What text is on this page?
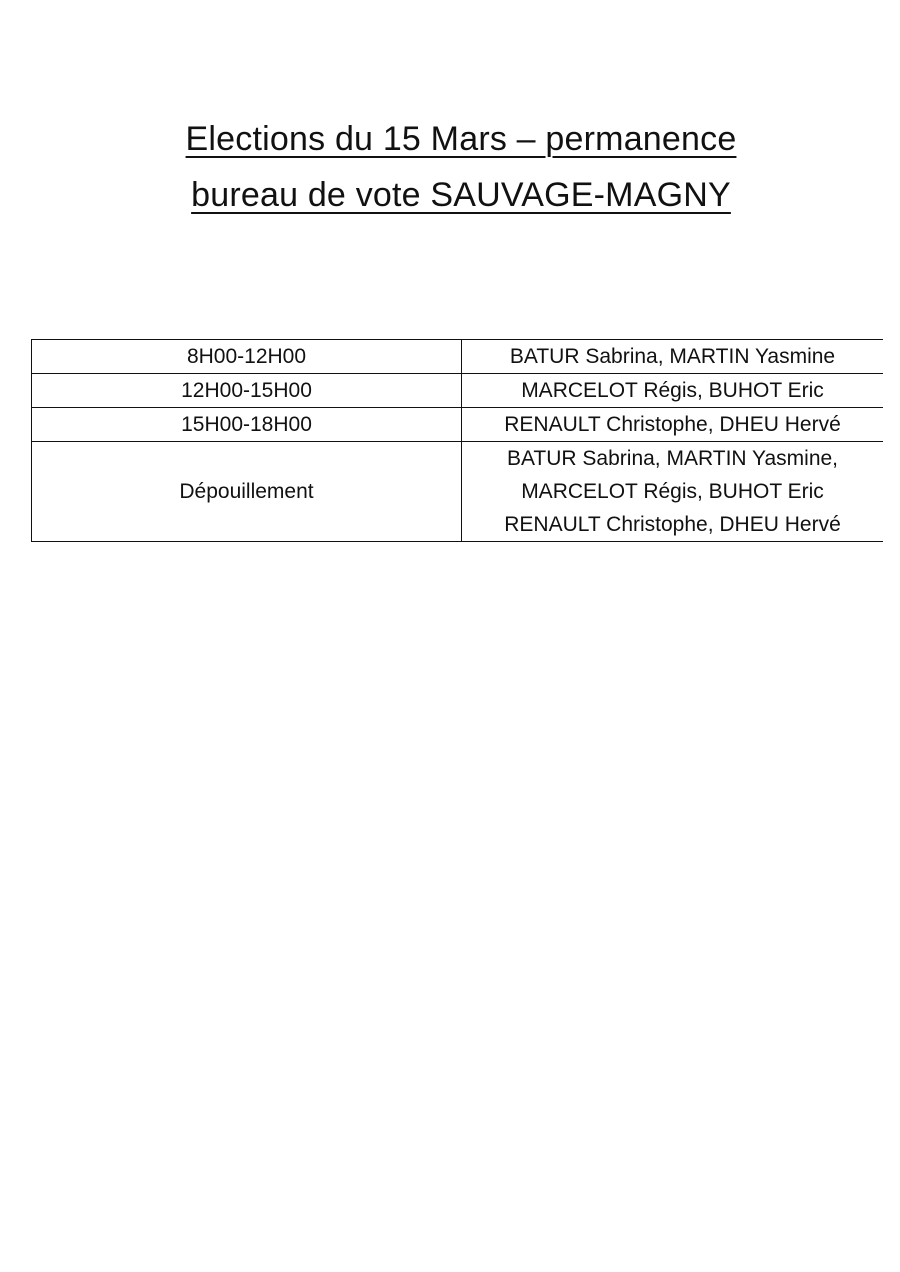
Elections du 15 Mars – permanence
bureau de vote SAUVAGE-MAGNY
8H00-12H00	BATUR Sabrina, MARTIN Yasmine

12H00-15H00	MARCELOT Régis, BUHOT Eric

15H00-18H00	RENAULT Christophe, DHEU Hervé

Dépouillement	BATUR Sabrina, MARTIN Yasmine,
MARCELOT Régis, BUHOT Eric
RENAULT Christophe, DHEU Hervé
